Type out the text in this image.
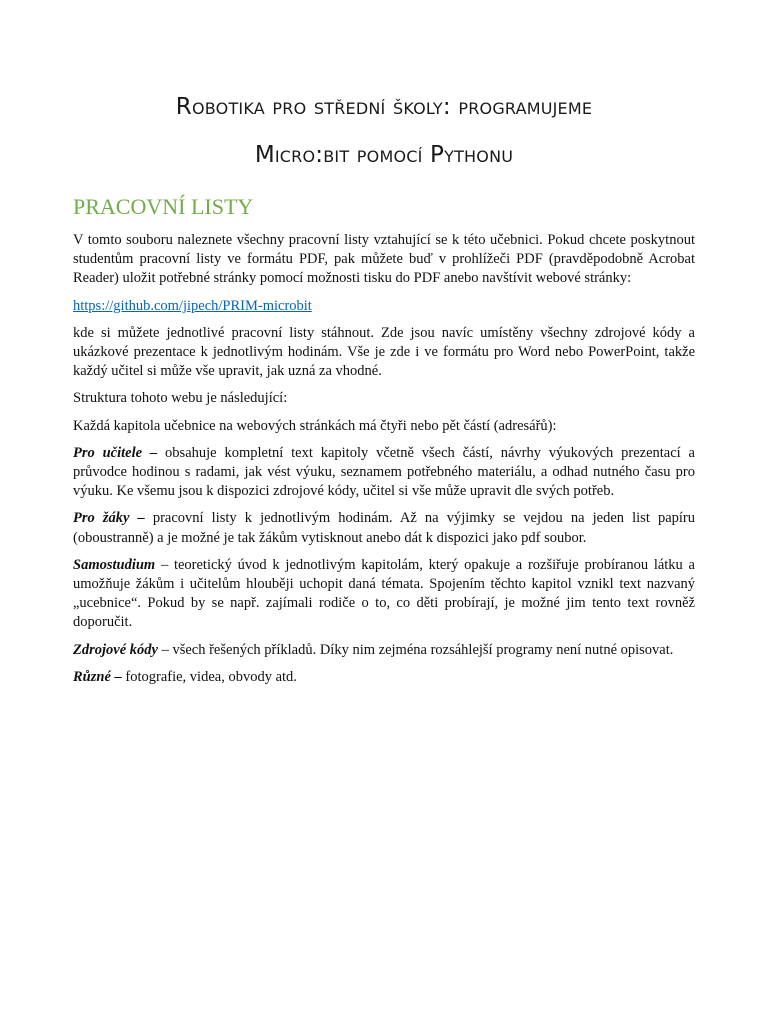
Robotika pro střední školy: programujeme
Micro:bit pomocí Pythonu
PRACOVNÍ LISTY

V tomto souboru naleznete všechny pracovní listy vztahující se k této učebnici. Pokud chcete poskytnout studentům pracovní listy ve formátu PDF, pak můžete buď v prohlížeči PDF (pravděpodobně Acrobat Reader) uložit potřebné stránky pomocí možnosti tisku do PDF anebo navštívit webové stránky:

https://github.com/jipech/PRIM-microbit

kde si můžete jednotlivé pracovní listy stáhnout. Zde jsou navíc umístěny všechny zdrojové kódy a ukázkové prezentace k jednotlivým hodinám. Vše je zde i ve formátu pro Word nebo PowerPoint, takže každý učitel si může vše upravit, jak uzná za vhodné.

Struktura tohoto webu je následující:

Každá kapitola učebnice na webových stránkách má čtyři nebo pět částí (adresářů):

Pro učitele – obsahuje kompletní text kapitoly včetně všech částí, návrhy výukových prezentací a průvodce hodinou s radami, jak vést výuku, seznamem potřebného materiálu, a odhad nutného času pro výuku. Ke všemu jsou k dispozici zdrojové kódy, učitel si vše může upravit dle svých potřeb.

Pro žáky – pracovní listy k jednotlivým hodinám. Až na výjimky se vejdou na jeden list papíru (oboustranně) a je možné je tak žákům vytisknout anebo dát k dispozici jako pdf soubor.

Samostudium – teoretický úvod k jednotlivým kapitolám, který opakuje a rozšiřuje probíranou látku a umožňuje žákům i učitelům hlouběji uchopit daná témata. Spojením těchto kapitol vznikl text nazvaný „ucebnice“. Pokud by se např. zajímali rodiče o to, co děti probírají, je možné jim tento text rovněž doporučit.

Zdrojové kódy – všech řešených příkladů. Díky nim zejména rozsáhlejší programy není nutné opisovat.

Různé – fotografie, videa, obvody atd.
